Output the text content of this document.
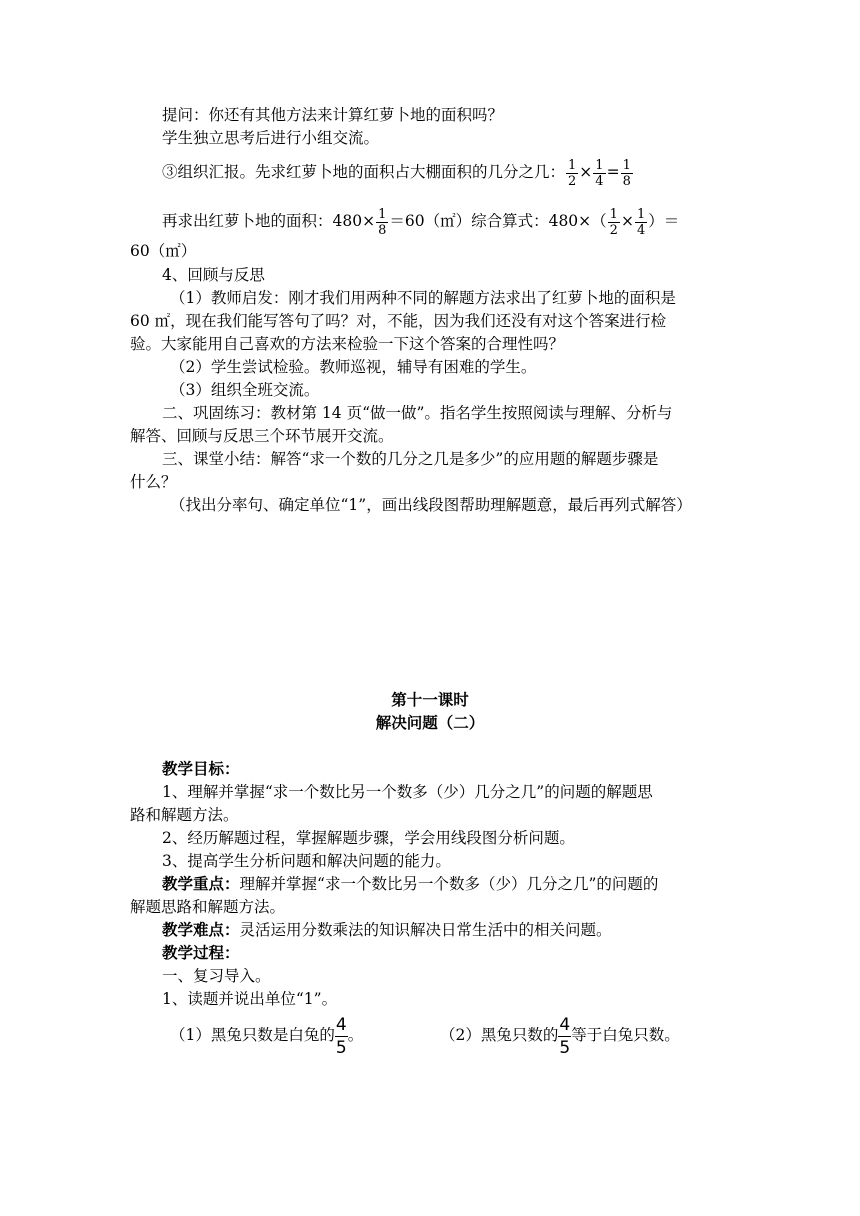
提问：你还有其他方法来计算红萝卜地的面积吗？
学生独立思考后进行小组交流。
③组织汇报。先求红萝卜地的面积占大棚面积的几分之几： $\frac{1}{2} \times \frac{1}{4} = \frac{1}{8}$
再求出红萝卜地的面积：$480\times \frac{1}{8}$ ＝60（㎡）综合算式：$480\times( \frac{1}{2} \times \frac{1}{4}$ ）＝
60（㎡）
4、回顾与反思
（1）教师启发：刚才我们用两种不同的解题方法求出了红萝卜地的面积是
60 ㎡，现在我们能写答句了吗？对，不能，因为我们还没有对这个答案进行检
验。大家能用自己喜欢的方法来检验一下这个答案的合理性吗？
（2）学生尝试检验。教师巡视，辅导有困难的学生。
（3）组织全班交流。
二、巩固练习：教材第 14 页“做一做”。指名学生按照阅读与理解、分析与
解答、回顾与反思三个环节展开交流。
三、课堂小结：解答“求一个数的几分之几是多少”的应用题的解题步骤是
什么？
（找出分率句、确定单位“1”，画出线段图帮助理解题意，最后再列式解答）
第十一课时
解决问题（二）
教学目标：
1、理解并掌握“求一个数比另一个数多（少）几分之几”的问题的解题思
路和解题方法。
2、经历解题过程，掌握解题步骤，学会用线段图分析问题。
3、提高学生分析问题和解决问题的能力。
教学重点：理解并掌握“求一个数比另一个数多（少）几分之几”的问题的
解题思路和解题方法。
教学难点：灵活运用分数乘法的知识解决日常生活中的相关问题。
教学过程：
一、复习导入。
1、读题并说出单位“1”。
（1）黑兔只数是白兔的 $\frac{4}{5}$ 。	（2）黑兔只数的 $\frac{4}{5}$ 等于白兔只数。
